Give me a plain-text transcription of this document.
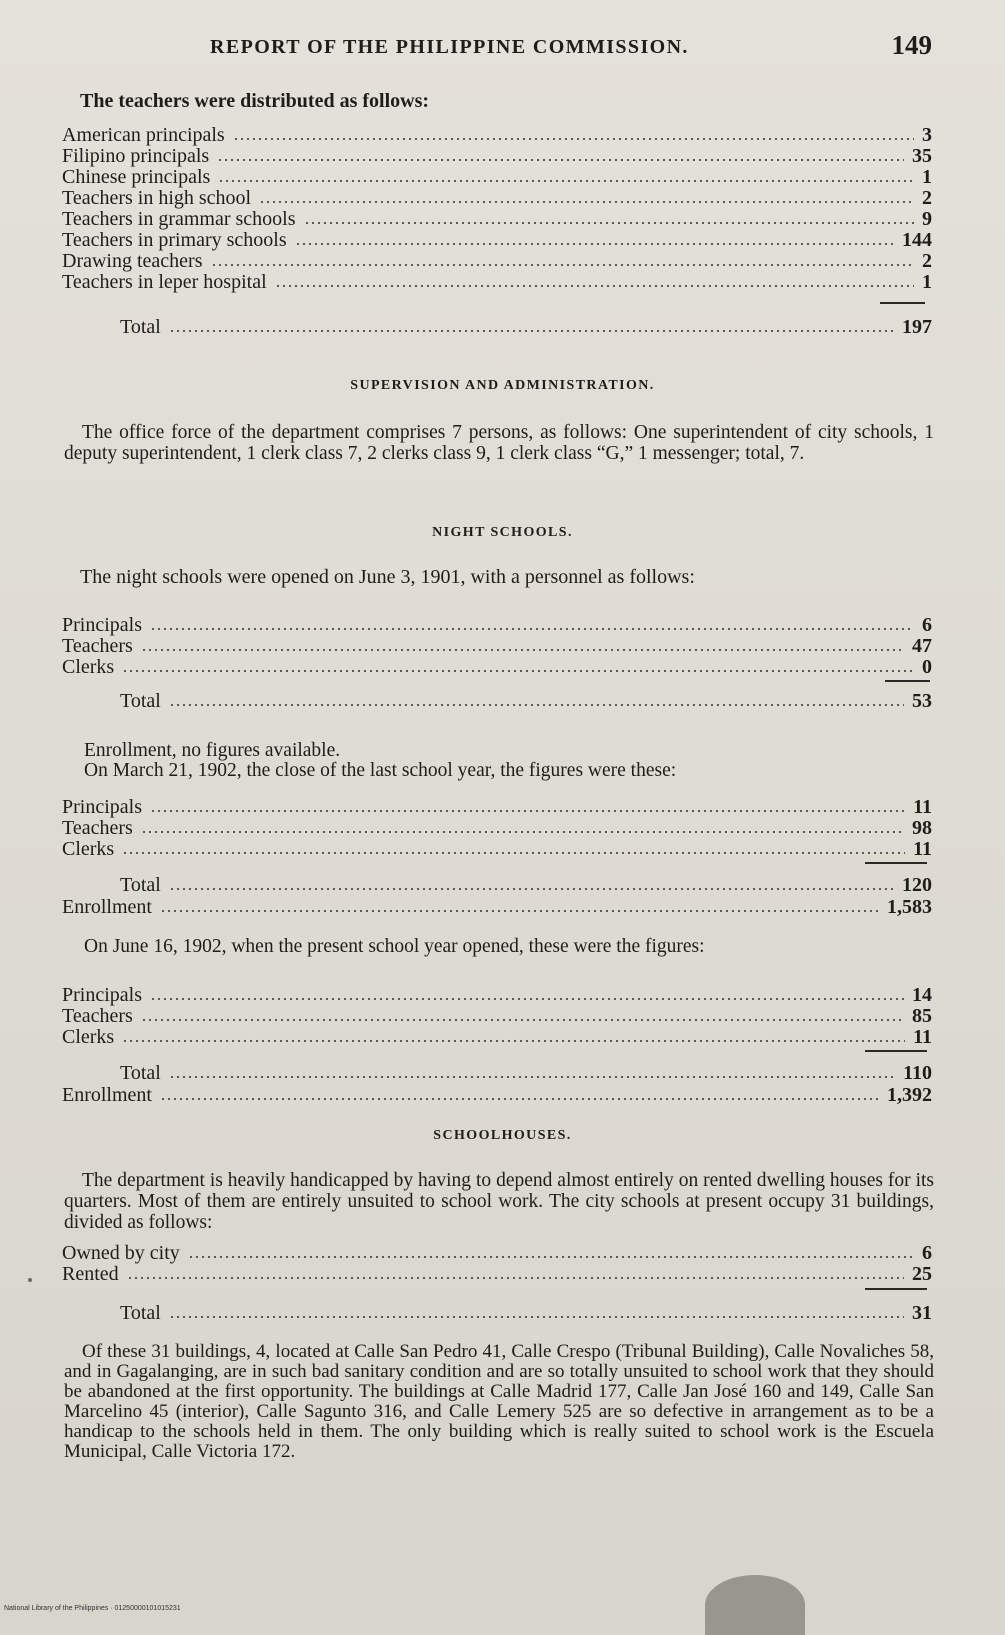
REPORT OF THE PHILIPPINE COMMISSION.	149
The teachers were distributed as follows:
American principals	3
Filipino principals	35
Chinese principals	1
Teachers in high school	2
Teachers in grammar schools	9
Teachers in primary schools	144
Drawing teachers	2
Teachers in leper hospital	1
Total	197
SUPERVISION AND ADMINISTRATION.
The office force of the department comprises 7 persons, as follows: One superintendent of city schools, 1 deputy superintendent, 1 clerk class 7, 2 clerks class 9, 1 clerk class “G,” 1 messenger; total, 7.
NIGHT SCHOOLS.
The night schools were opened on June 3, 1901, with a personnel as follows:
Principals	6
Teachers	47
Clerks	0
Total	53
Enrollment, no figures available.
On March 21, 1902, the close of the last school year, the figures were these:
Principals	11
Teachers	98
Clerks	11
Total	120
Enrollment	1,583
On June 16, 1902, when the present school year opened, these were the figures:
Principals	14
Teachers	85
Clerks	11
Total	110
Enrollment	1,392
SCHOOLHOUSES.
The department is heavily handicapped by having to depend almost entirely on rented dwelling houses for its quarters. Most of them are entirely unsuited to school work. The city schools at present occupy 31 buildings, divided as follows:
Owned by city	6
Rented	25
Total	31
Of these 31 buildings, 4, located at Calle San Pedro 41, Calle Crespo (Tribunal Building), Calle Novaliches 58, and in Gagalanging, are in such bad sanitary condition and are so totally unsuited to school work that they should be abandoned at the first opportunity. The buildings at Calle Madrid 177, Calle Jan José 160 and 149, Calle San Marcelino 45 (interior), Calle Sagunto 316, and Calle Lemery 525 are so defective in arrangement as to be a handicap to the schools held in them. The only building which is really suited to school work is the Escuela Municipal, Calle Victoria 172.
National Library of the Philippines · 01250000101015231
